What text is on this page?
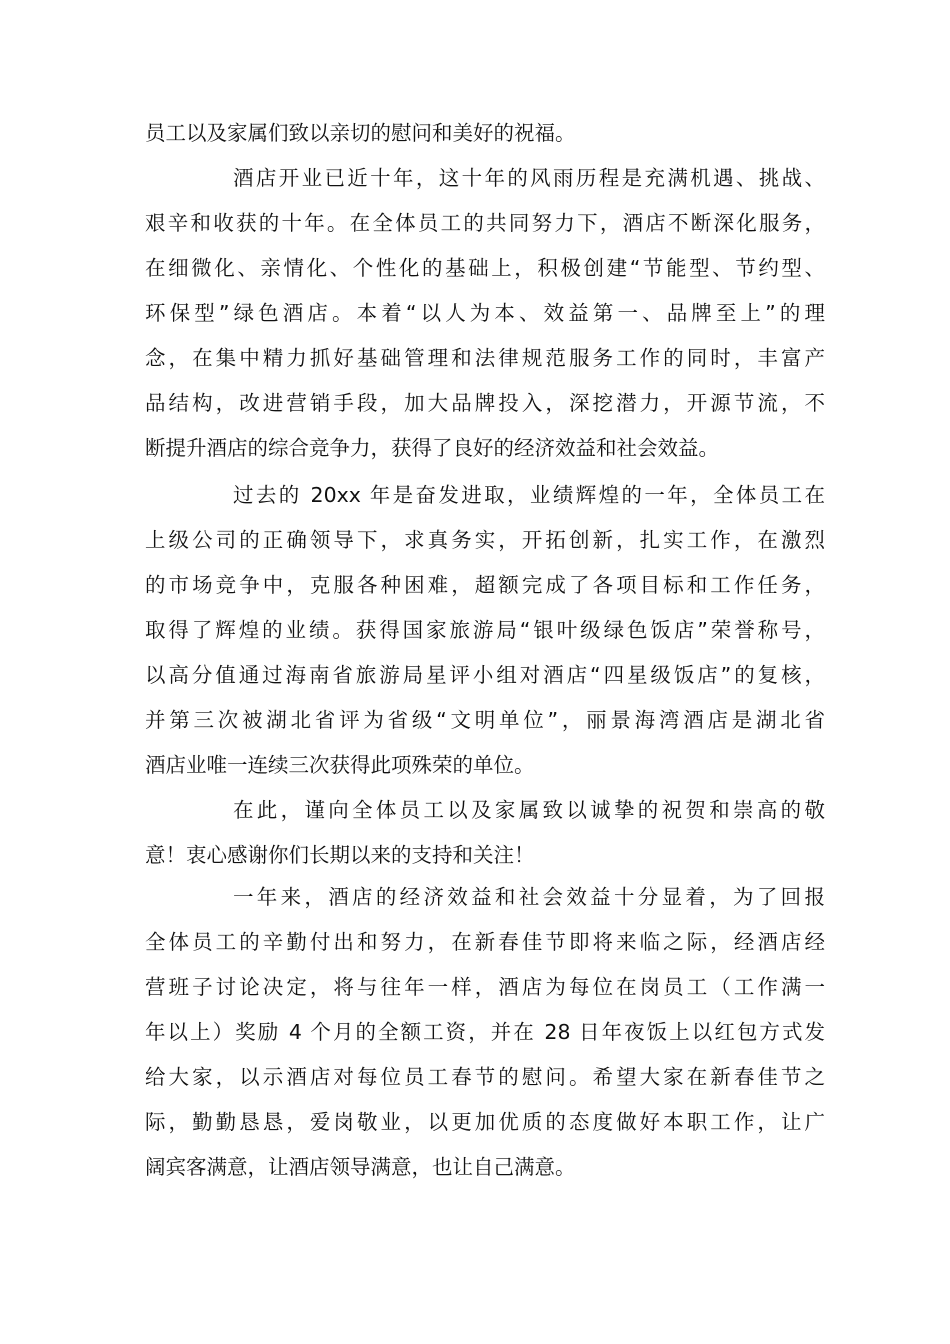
员工以及家属们致以亲切的慰问和美好的祝福。
酒店开业已近十年，这十年的风雨历程是充满机遇、挑战、
艰辛和收获的十年。在全体员工的共同努力下，酒店不断深化服务，
在细微化、亲情化、个性化的基础上，积极创建“节能型、节约型、
环保型”绿色酒店。本着“以人为本、效益第一、品牌至上”的理
念，在集中精力抓好基础管理和法律规范服务工作的同时，丰富产
品结构，改进营销手段，加大品牌投入，深挖潜力，开源节流，不
断提升酒店的综合竞争力，获得了良好的经济效益和社会效益。
过去的 20xx 年是奋发进取，业绩辉煌的一年，全体员工在
上级公司的正确领导下，求真务实，开拓创新，扎实工作，在激烈
的市场竞争中，克服各种困难，超额完成了各项目标和工作任务，
取得了辉煌的业绩。获得国家旅游局“银叶级绿色饭店”荣誉称号，
以高分值通过海南省旅游局星评小组对酒店“四星级饭店”的复核，
并第三次被湖北省评为省级“文明单位”，丽景海湾酒店是湖北省
酒店业唯一连续三次获得此项殊荣的单位。
在此，谨向全体员工以及家属致以诚挚的祝贺和崇高的敬
意！衷心感谢你们长期以来的支持和关注！
一年来，酒店的经济效益和社会效益十分显着，为了回报
全体员工的辛勤付出和努力，在新春佳节即将来临之际，经酒店经
营班子讨论决定，将与往年一样，酒店为每位在岗员工（工作满一
年以上）奖励 4 个月的全额工资，并在 28 日年夜饭上以红包方式发
给大家，以示酒店对每位员工春节的慰问。希望大家在新春佳节之
际，勤勤恳恳，爱岗敬业，以更加优质的态度做好本职工作，让广
阔宾客满意，让酒店领导满意，也让自己满意。
